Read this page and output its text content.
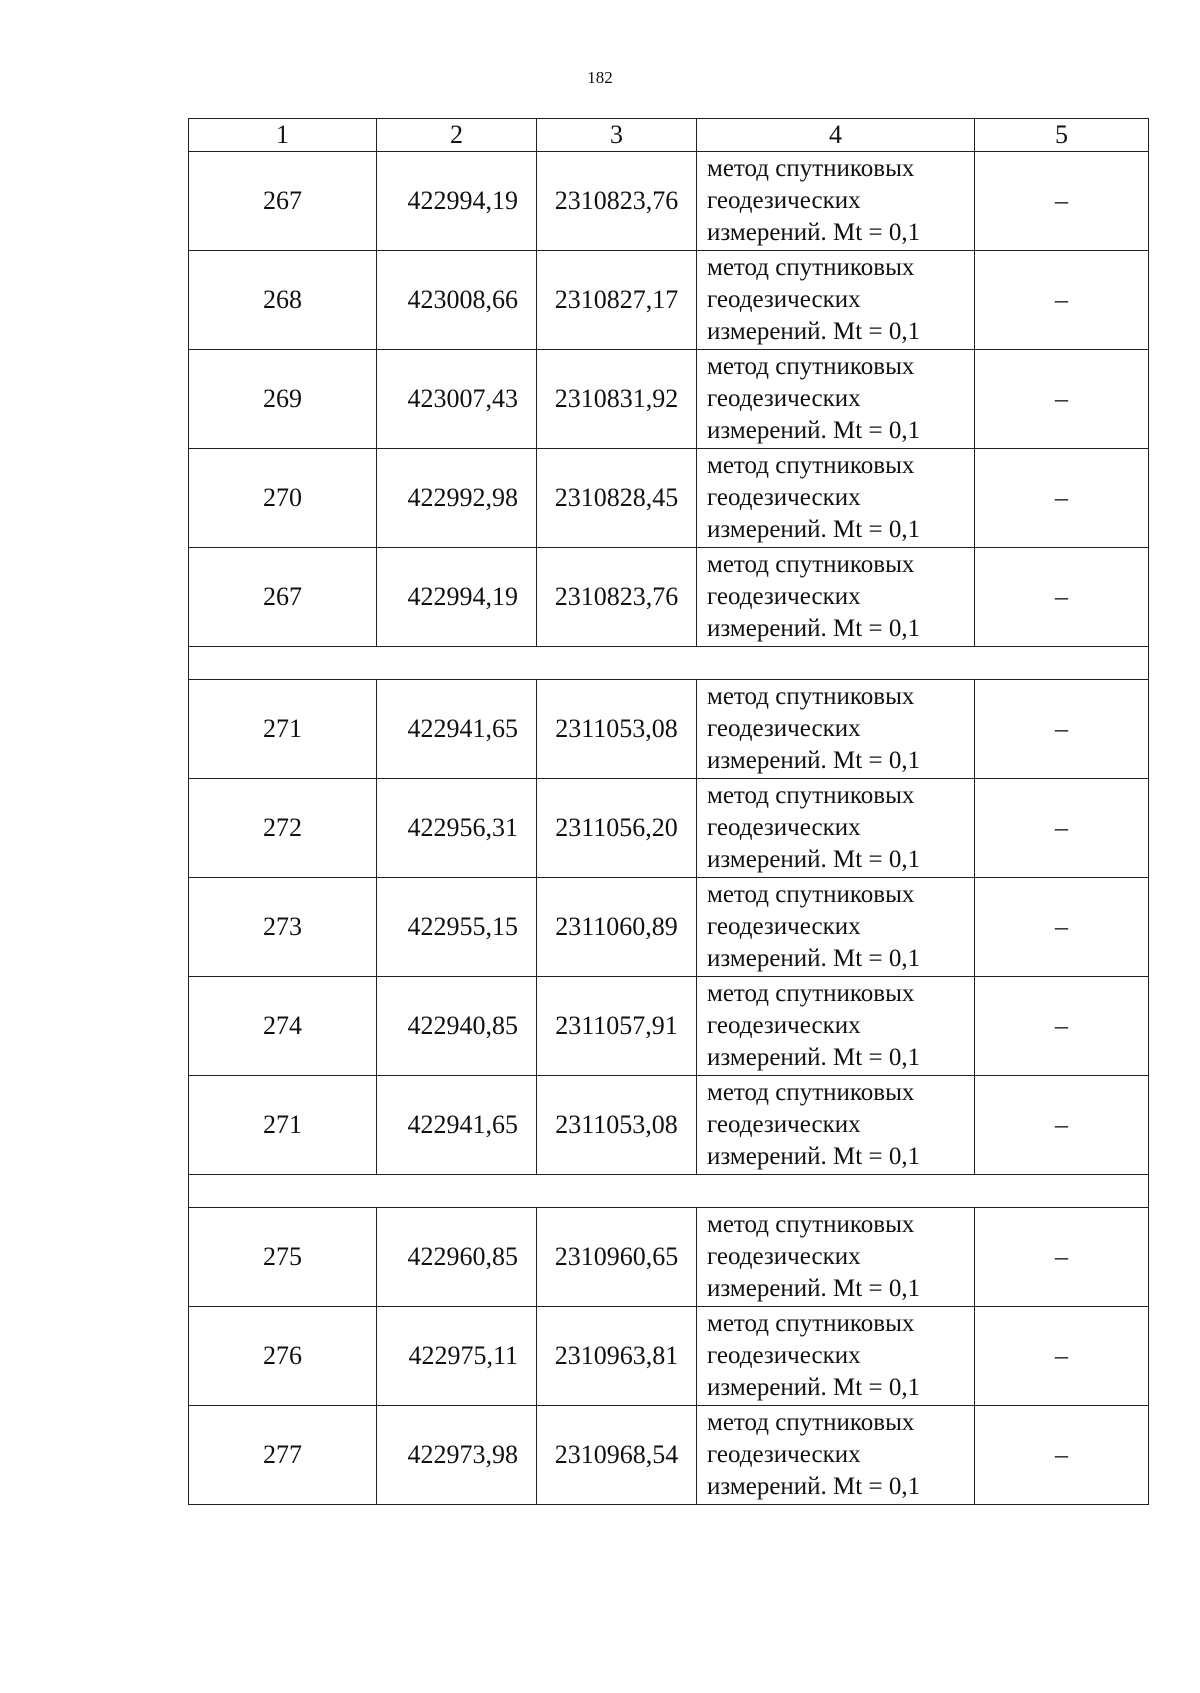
182
1	2	3	4	5
267	422994,19	2310823,76	метод спутниковых геодезических измерений. Mt = 0,1	–
268	423008,66	2310827,17	метод спутниковых геодезических измерений. Mt = 0,1	–
269	423007,43	2310831,92	метод спутниковых геодезических измерений. Mt = 0,1	–
270	422992,98	2310828,45	метод спутниковых геодезических измерений. Mt = 0,1	–
267	422994,19	2310823,76	метод спутниковых геодезических измерений. Mt = 0,1	–

271	422941,65	2311053,08	метод спутниковых геодезических измерений. Mt = 0,1	–
272	422956,31	2311056,20	метод спутниковых геодезических измерений. Mt = 0,1	–
273	422955,15	2311060,89	метод спутниковых геодезических измерений. Mt = 0,1	–
274	422940,85	2311057,91	метод спутниковых геодезических измерений. Mt = 0,1	–
271	422941,65	2311053,08	метод спутниковых геодезических измерений. Mt = 0,1	–

275	422960,85	2310960,65	метод спутниковых геодезических измерений. Mt = 0,1	–
276	422975,11	2310963,81	метод спутниковых геодезических измерений. Mt = 0,1	–
277	422973,98	2310968,54	метод спутниковых геодезических измерений. Mt = 0,1	–
